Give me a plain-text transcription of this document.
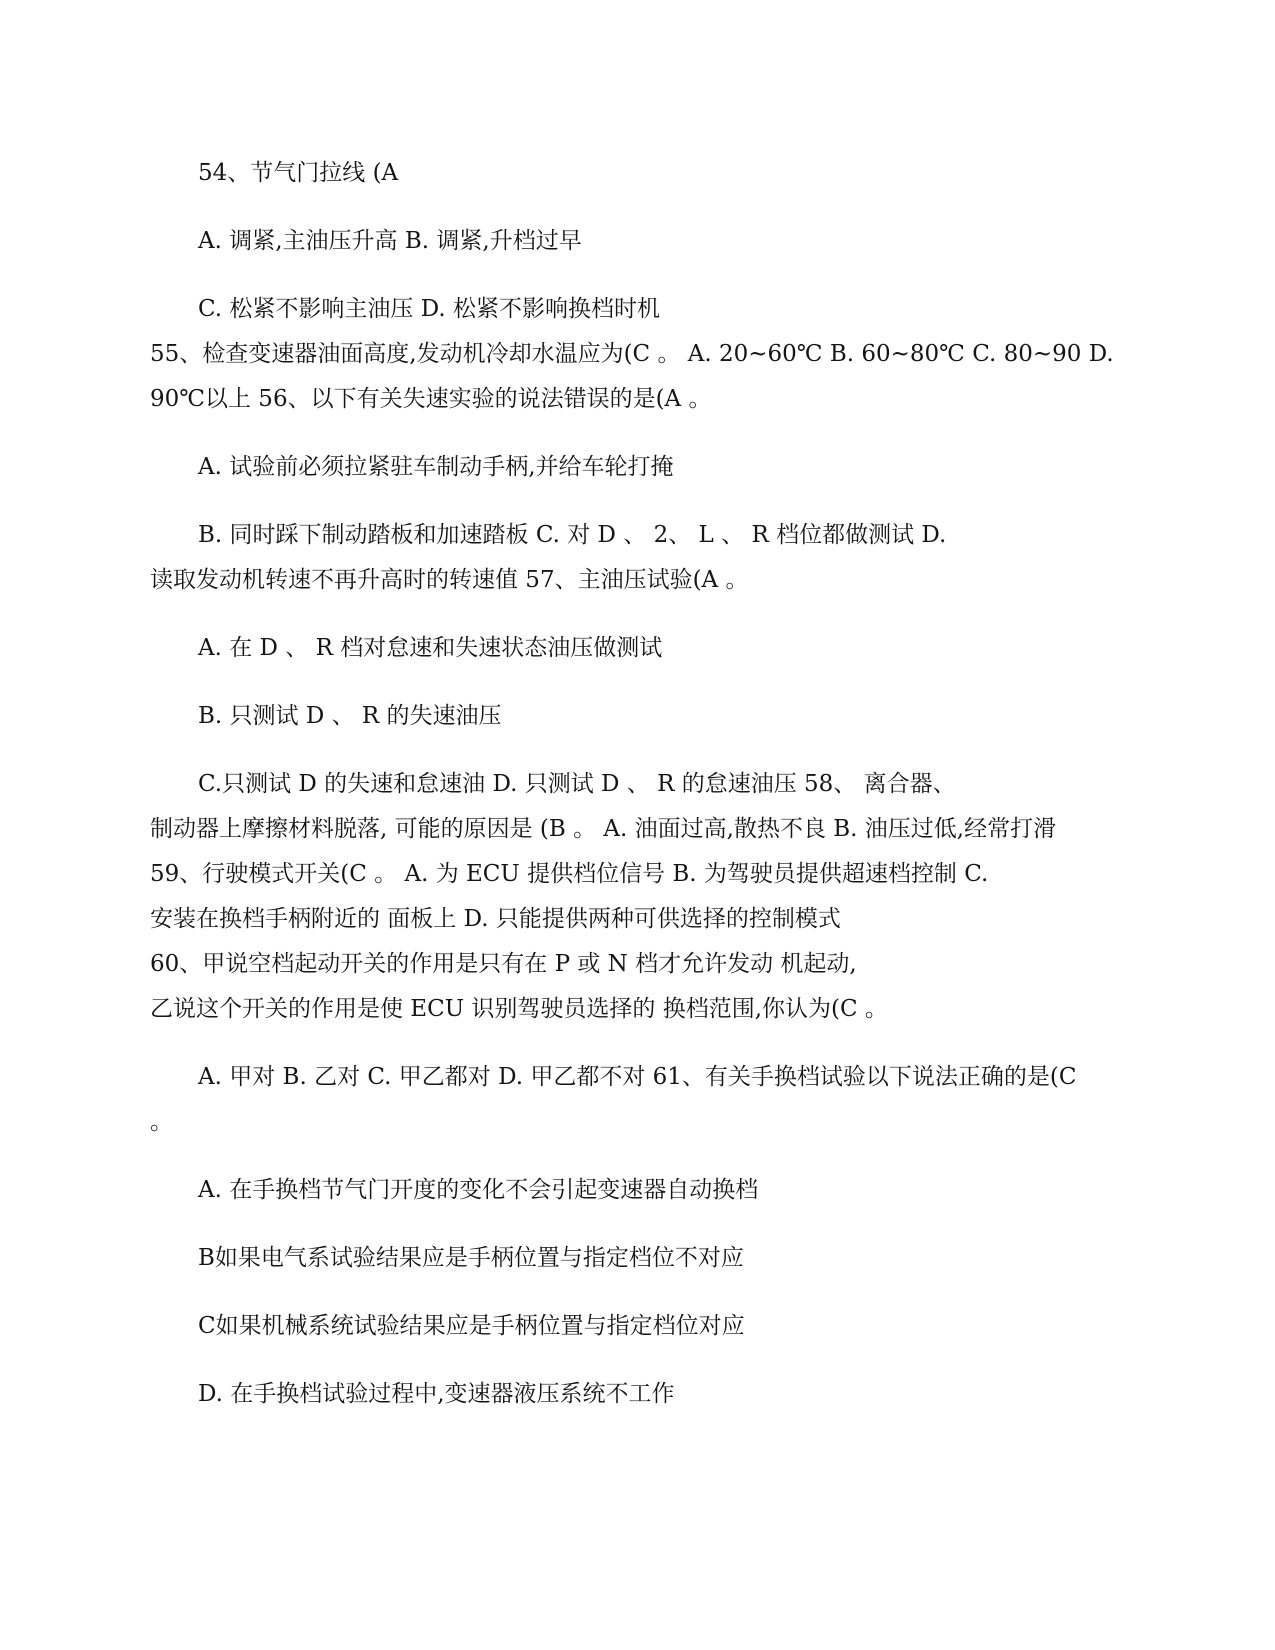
54、节气门拉线 (A
A. 调紧,主油压升高 B. 调紧,升档过早
C. 松紧不影响主油压 D. 松紧不影响换档时机
55、检查变速器油面高度,发动机冷却水温应为(C 。 A. 20~60℃ B. 60~80℃ C. 80~90 D.
90℃以上 56、以下有关失速实验的说法错误的是(A 。
A. 试验前必须拉紧驻车制动手柄,并给车轮打掩
B. 同时踩下制动踏板和加速踏板 C. 对 D 、 2、 L 、 R 档位都做测试 D.
读取发动机转速不再升高时的转速值 57、主油压试验(A 。
A. 在 D 、 R 档对怠速和失速状态油压做测试
B. 只测试 D 、 R 的失速油压
C.只测试 D 的失速和怠速油 D. 只测试 D 、 R 的怠速油压 58、 离合器、
制动器上摩擦材料脱落, 可能的原因是 (B 。 A. 油面过高,散热不良 B. 油压过低,经常打滑
59、行驶模式开关(C 。 A. 为 ECU 提供档位信号 B. 为驾驶员提供超速档控制 C.
安装在换档手柄附近的 面板上 D. 只能提供两种可供选择的控制模式
60、甲说空档起动开关的作用是只有在 P 或 N 档才允许发动 机起动,
乙说这个开关的作用是使 ECU 识别驾驶员选择的 换档范围,你认为(C 。
A. 甲对 B. 乙对 C. 甲乙都对 D. 甲乙都不对 61、有关手换档试验以下说法正确的是(C
。
A. 在手换档节气门开度的变化不会引起变速器自动换档
B如果电气系试验结果应是手柄位置与指定档位不对应
C如果机械系统试验结果应是手柄位置与指定档位对应
D. 在手换档试验过程中,变速器液压系统不工作
